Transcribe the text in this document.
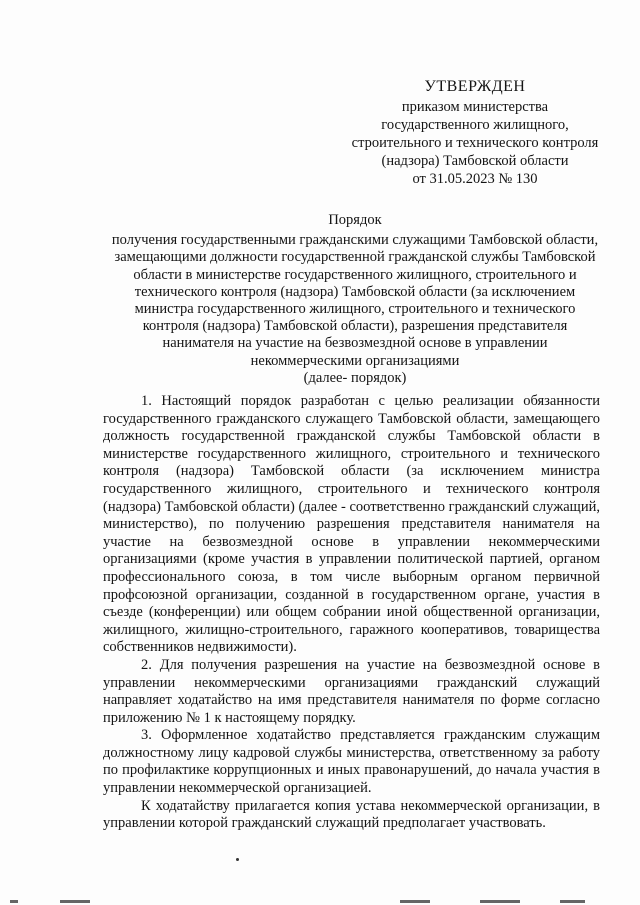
УТВЕРЖДЕН
приказом министерства
государственного жилищного,
строительного и технического контроля
(надзора) Тамбовской области
от 31.05.2023 № 130
Порядок
получения государственными гражданскими служащими Тамбовской области,
замещающими должности государственной гражданской службы Тамбовской
области в министерстве государственного жилищного, строительного и
технического контроля (надзора) Тамбовской области (за исключением
министра государственного жилищного, строительного и технического
контроля (надзора) Тамбовской области), разрешения представителя
нанимателя на участие на безвозмездной основе в управлении
некоммерческими организациями
(далее- порядок)

1. Настоящий порядок разработан с целью реализации обязанности государственного гражданского служащего Тамбовской области, замещающего должность государственной гражданской службы Тамбовской области в министерстве государственного жилищного, строительного и технического контроля (надзора) Тамбовской области (за исключением министра государственного жилищного, строительного и технического контроля (надзора) Тамбовской области) (далее - соответственно гражданский служащий, министерство), по получению разрешения представителя нанимателя на участие на безвозмездной основе в управлении некоммерческими организациями (кроме участия в управлении политической партией, органом профессионального союза, в том числе выборным органом первичной профсоюзной организации, созданной в государственном органе, участия в съезде (конференции) или общем собрании иной общественной организации, жилищного, жилищно-строительного, гаражного кооперативов, товарищества собственников недвижимости).

2. Для получения разрешения на участие на безвозмездной основе в управлении некоммерческими организациями гражданский служащий направляет ходатайство на имя представителя нанимателя по форме согласно приложению № 1 к настоящему порядку.

3. Оформленное ходатайство представляется гражданским служащим должностному лицу кадровой службы министерства, ответственному за работу по профилактике коррупционных и иных правонарушений, до начала участия в управлении некоммерческой организацией.

К ходатайству прилагается копия устава некоммерческой организации, в управлении которой гражданский служащий предполагает участвовать.
